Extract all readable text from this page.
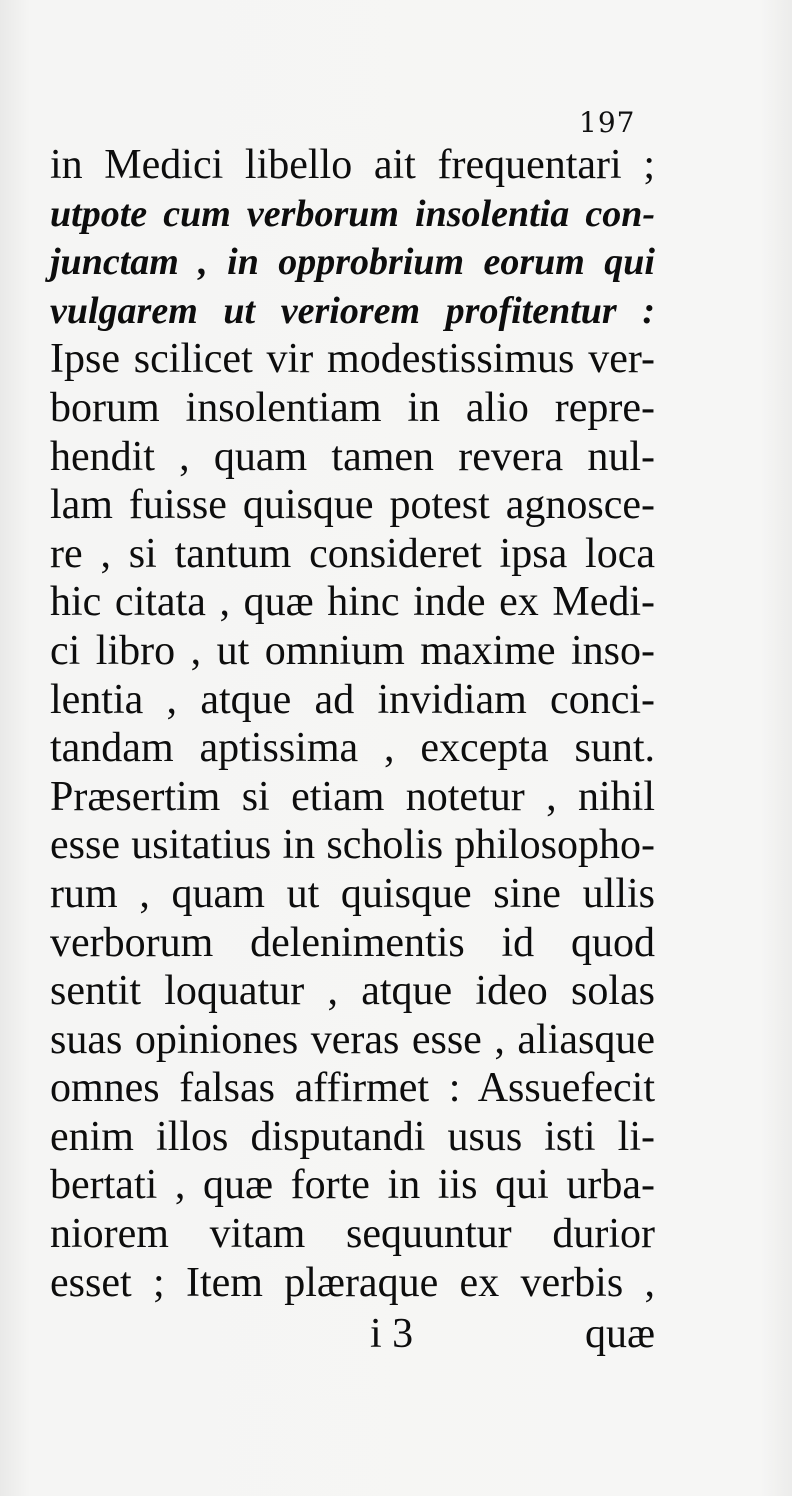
197
in Medici libello ait frequentari ;
utpote cum verborum insolentia con-
junctam , in opprobrium eorum qui
vulgarem ut veriorem profitentur :
Ipse scilicet vir modestissimus ver-
borum insolentiam in alio repre-
hendit , quam tamen revera nul-
lam fuisse quisque potest agnosce-
re , si tantum consideret ipsa loca
hic citata , quæ hinc inde ex Medi-
ci libro , ut omnium maxime inso-
lentia , atque ad invidiam conci-
tandam aptissima , excepta sunt.
Præsertim si etiam notetur , nihil
esse usitatius in scholis philosopho-
rum , quam ut quisque sine ullis
verborum delenimentis id quod
sentit loquatur , atque ideo solas
suas opiniones veras esse , aliasque
omnes falsas affirmet : Assuefecit
enim illos disputandi usus isti li-
bertati , quæ forte in iis qui urba-
niorem vitam sequuntur durior
esset ; Item plæraque ex verbis ,
i 3	quæ
